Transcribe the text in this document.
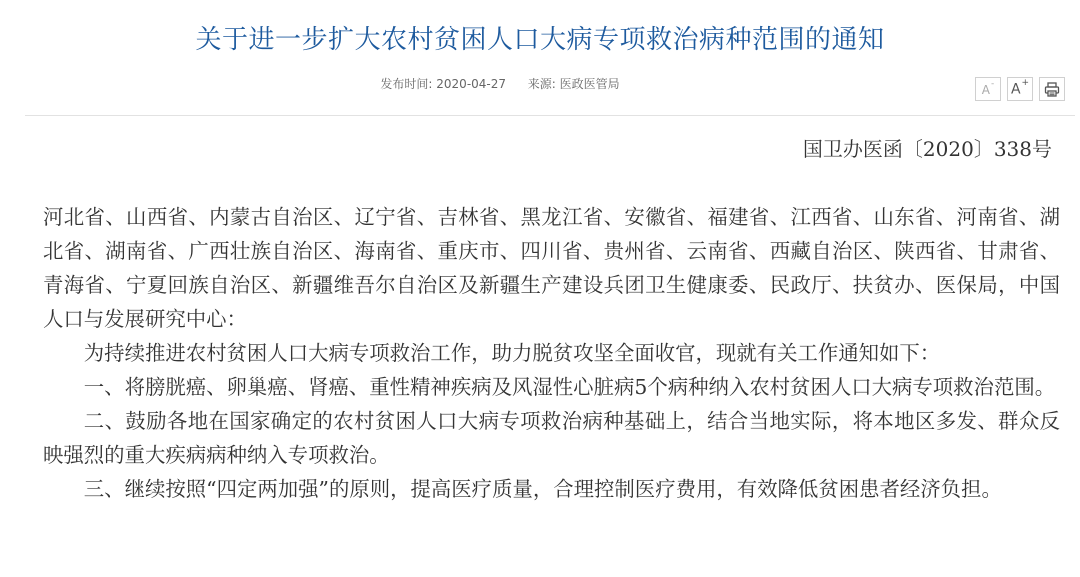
关于进一步扩大农村贫困人口大病专项救治病种范围的通知
发布时间: 2020-04-27 来源: 医政医管局	A- A+
国卫办医函〔2020〕338号

河北省、山西省、内蒙古自治区、辽宁省、吉林省、黑龙江省、安徽省、福建省、江西省、山东省、河南省、湖北省、湖南省、广西壮族自治区、海南省、重庆市、四川省、贵州省、云南省、西藏自治区、陕西省、甘肃省、青海省、宁夏回族自治区、新疆维吾尔自治区及新疆生产建设兵团卫生健康委、民政厅、扶贫办、医保局，中国人口与发展研究中心：

为持续推进农村贫困人口大病专项救治工作，助力脱贫攻坚全面收官，现就有关工作通知如下：

一、将膀胱癌、卵巢癌、肾癌、重性精神疾病及风湿性心脏病5个病种纳入农村贫困人口大病专项救治范围。

二、鼓励各地在国家确定的农村贫困人口大病专项救治病种基础上，结合当地实际，将本地区多发、群众反映强烈的重大疾病病种纳入专项救治。

三、继续按照“四定两加强”的原则，提高医疗质量，合理控制医疗费用，有效降低贫困患者经济负担。
